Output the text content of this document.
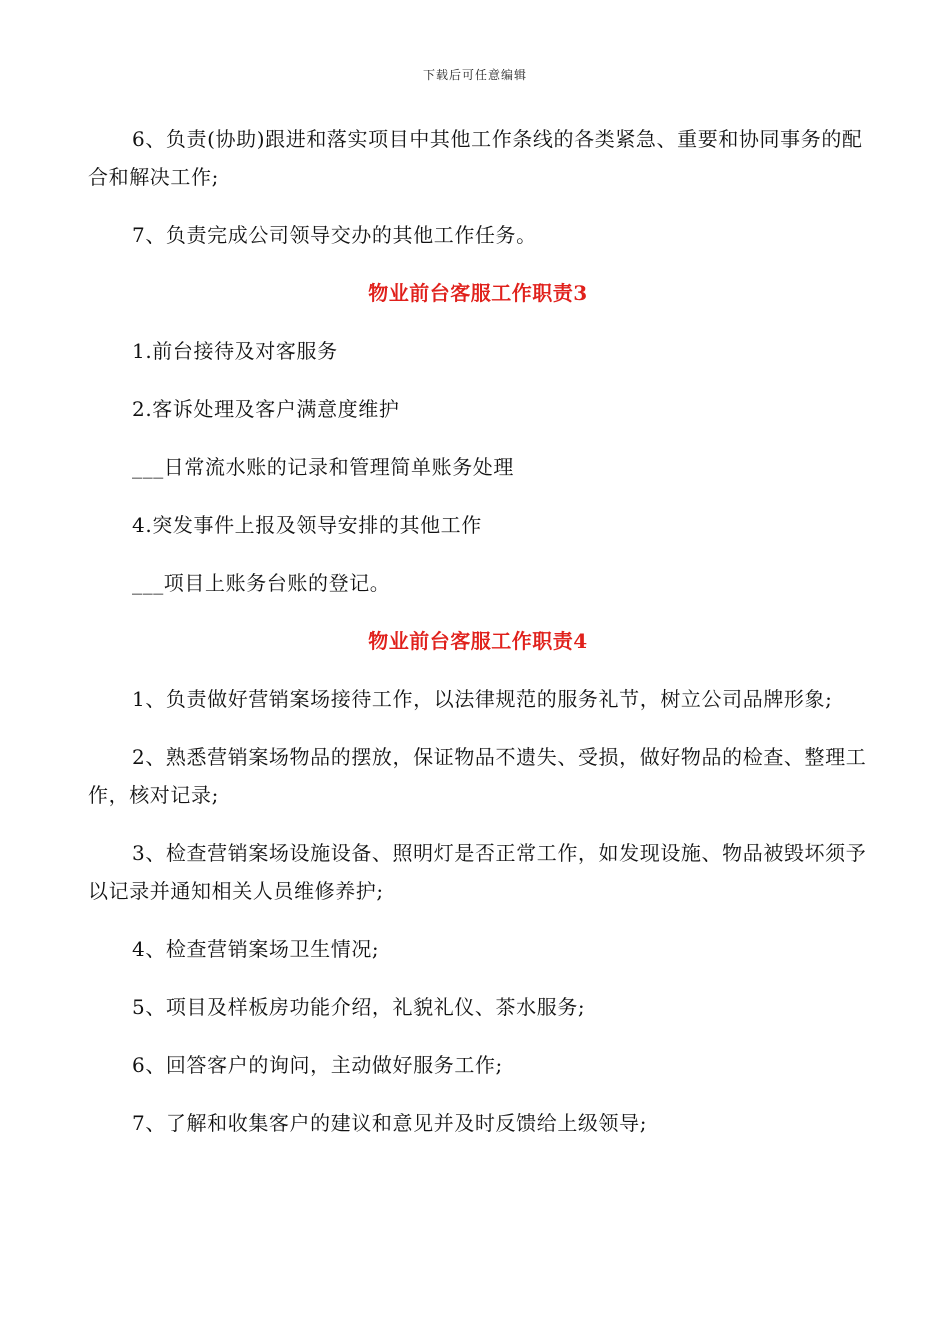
下载后可任意编辑

6、负责(协助)跟进和落实项目中其他工作条线的各类紧急、重要和协同事务的配合和解决工作;

7、负责完成公司领导交办的其他工作任务。

物业前台客服工作职责3

1.前台接待及对客服务

2.客诉处理及客户满意度维护

___日常流水账的记录和管理简单账务处理

4.突发事件上报及领导安排的其他工作

___项目上账务台账的登记。

物业前台客服工作职责4

1、负责做好营销案场接待工作，以法律规范的服务礼节，树立公司品牌形象;

2、熟悉营销案场物品的摆放，保证物品不遗失、受损，做好物品的检查、整理工作，核对记录;

3、检查营销案场设施设备、照明灯是否正常工作，如发现设施、物品被毁坏须予以记录并通知相关人员维修养护;

4、检查营销案场卫生情况;

5、项目及样板房功能介绍，礼貌礼仪、茶水服务;

6、回答客户的询问，主动做好服务工作;

7、了解和收集客户的建议和意见并及时反馈给上级领导;
